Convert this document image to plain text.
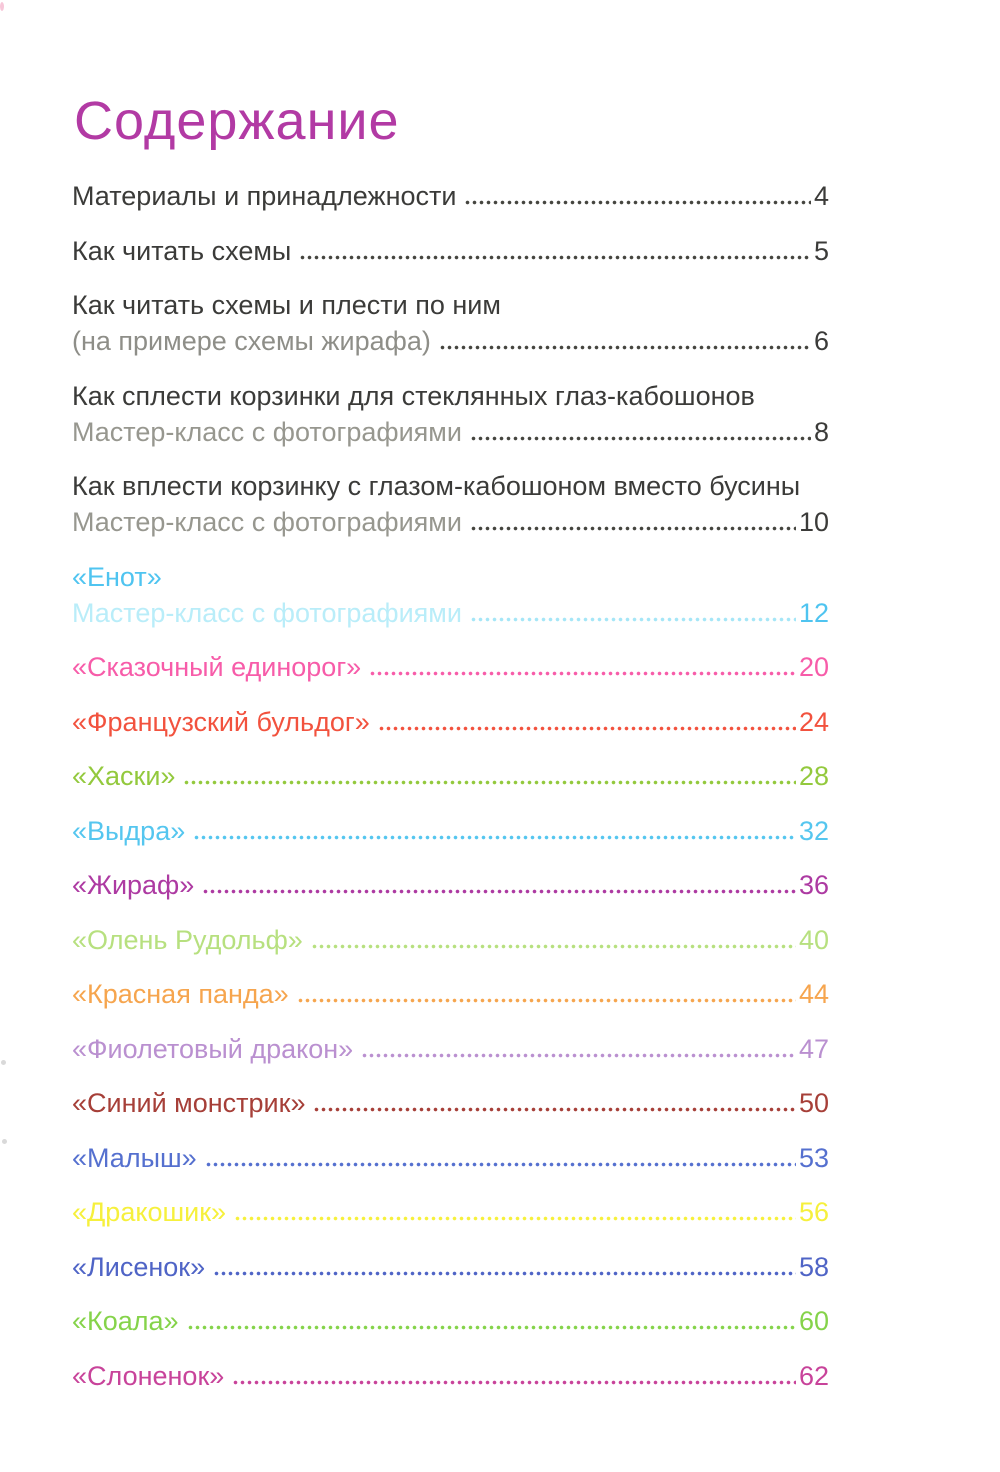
Содержание
Материалы и принадлежности	4
Как читать схемы	5
Как читать схемы и плести по ним
(на примере схемы жирафа)	6
Как сплести корзинки для стеклянных глаз-кабошонов
Мастер-класс с фотографиями	8
Как вплести корзинку с глазом-кабошоном вместо бусины
Мастер-класс с фотографиями	10
«Енот»
Мастер-класс с фотографиями	12
«Сказочный единорог»	20
«Французский бульдог»	24
«Хаски»	28
«Выдра»	32
«Жираф»	36
«Олень Рудольф»	40
«Красная панда»	44
«Фиолетовый дракон»	47
«Синий монстрик»	50
«Малыш»	53
«Дракошик»	56
«Лисенок»	58
«Коала»	60
«Слоненок»	62
